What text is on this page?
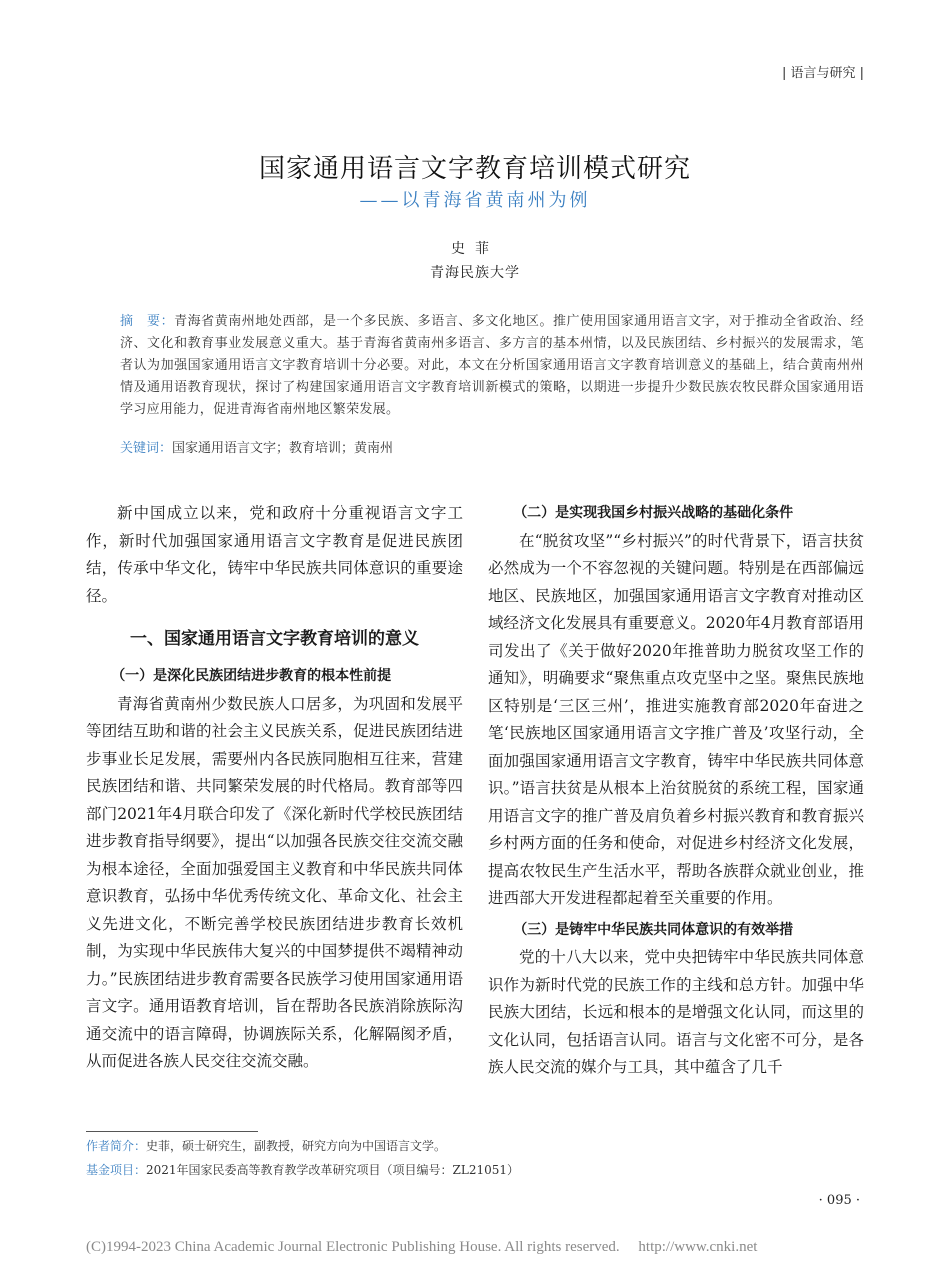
| 语言与研究 |
国家通用语言文字教育培训模式研究
——以青海省黄南州为例
史菲
青海民族大学
摘　要：青海省黄南州地处西部，是一个多民族、多语言、多文化地区。推广使用国家通用语言文字，对于推动全省政治、经济、文化和教育事业发展意义重大。基于青海省黄南州多语言、多方言的基本州情，以及民族团结、乡村振兴的发展需求，笔者认为加强国家通用语言文字教育培训十分必要。对此，本文在分析国家通用语言文字教育培训意义的基础上，结合黄南州州情及通用语教育现状，探讨了构建国家通用语言文字教育培训新模式的策略，以期进一步提升少数民族农牧民群众国家通用语学习应用能力，促进青海省南州地区繁荣发展。
关键词：国家通用语言文字；教育培训；黄南州

新中国成立以来，党和政府十分重视语言文字工作，新时代加强国家通用语言文字教育是促进民族团结，传承中华文化，铸牢中华民族共同体意识的重要途径。

一、国家通用语言文字教育培训的意义
（一）是深化民族团结进步教育的根本性前提

青海省黄南州少数民族人口居多，为巩固和发展平等团结互助和谐的社会主义民族关系，促进民族团结进步事业长足发展，需要州内各民族同胞相互往来，营建民族团结和谐、共同繁荣发展的时代格局。教育部等四部门2021年4月联合印发了《深化新时代学校民族团结进步教育指导纲要》，提出“以加强各民族交往交流交融为根本途径，全面加强爱国主义教育和中华民族共同体意识教育，弘扬中华优秀传统文化、革命文化、社会主义先进文化，不断完善学校民族团结进步教育长效机制，为实现中华民族伟大复兴的中国梦提供不竭精神动力。”民族团结进步教育需要各民族学习使用国家通用语言文字。通用语教育培训，旨在帮助各民族消除族际沟通交流中的语言障碍，协调族际关系，化解隔阂矛盾，从而促进各族人民交往交流交融。

（二）是实现我国乡村振兴战略的基础化条件

在“脱贫攻坚”“乡村振兴”的时代背景下，语言扶贫必然成为一个不容忽视的关键问题。特别是在西部偏远地区、民族地区，加强国家通用语言文字教育对推动区域经济文化发展具有重要意义。2020年4月教育部语用司发出了《关于做好2020年推普助力脱贫攻坚工作的通知》，明确要求“聚焦重点攻克坚中之坚。聚焦民族地区特别是‘三区三州’，推进实施教育部2020年奋进之笔‘民族地区国家通用语言文字推广普及’攻坚行动，全面加强国家通用语言文字教育，铸牢中华民族共同体意识。”语言扶贫是从根本上治贫脱贫的系统工程，国家通用语言文字的推广普及肩负着乡村振兴教育和教育振兴乡村两方面的任务和使命，对促进乡村经济文化发展，提高农牧民生产生活水平，帮助各族群众就业创业，推进西部大开发进程都起着至关重要的作用。

（三）是铸牢中华民族共同体意识的有效举措

党的十八大以来，党中央把铸牢中华民族共同体意识作为新时代党的民族工作的主线和总方针。加强中华民族大团结，长远和根本的是增强文化认同，而这里的文化认同，包括语言认同。语言与文化密不可分，是各族人民交流的媒介与工具，其中蕴含了几千

作者简介：史菲，硕士研究生，副教授，研究方向为中国语言文学。
基金项目：2021年国家民委高等教育教学改革研究项目（项目编号：ZL21051）
· 095 ·
(C)1994-2023 China Academic Journal Electronic Publishing House. All rights reserved.　 http://www.cnki.net
